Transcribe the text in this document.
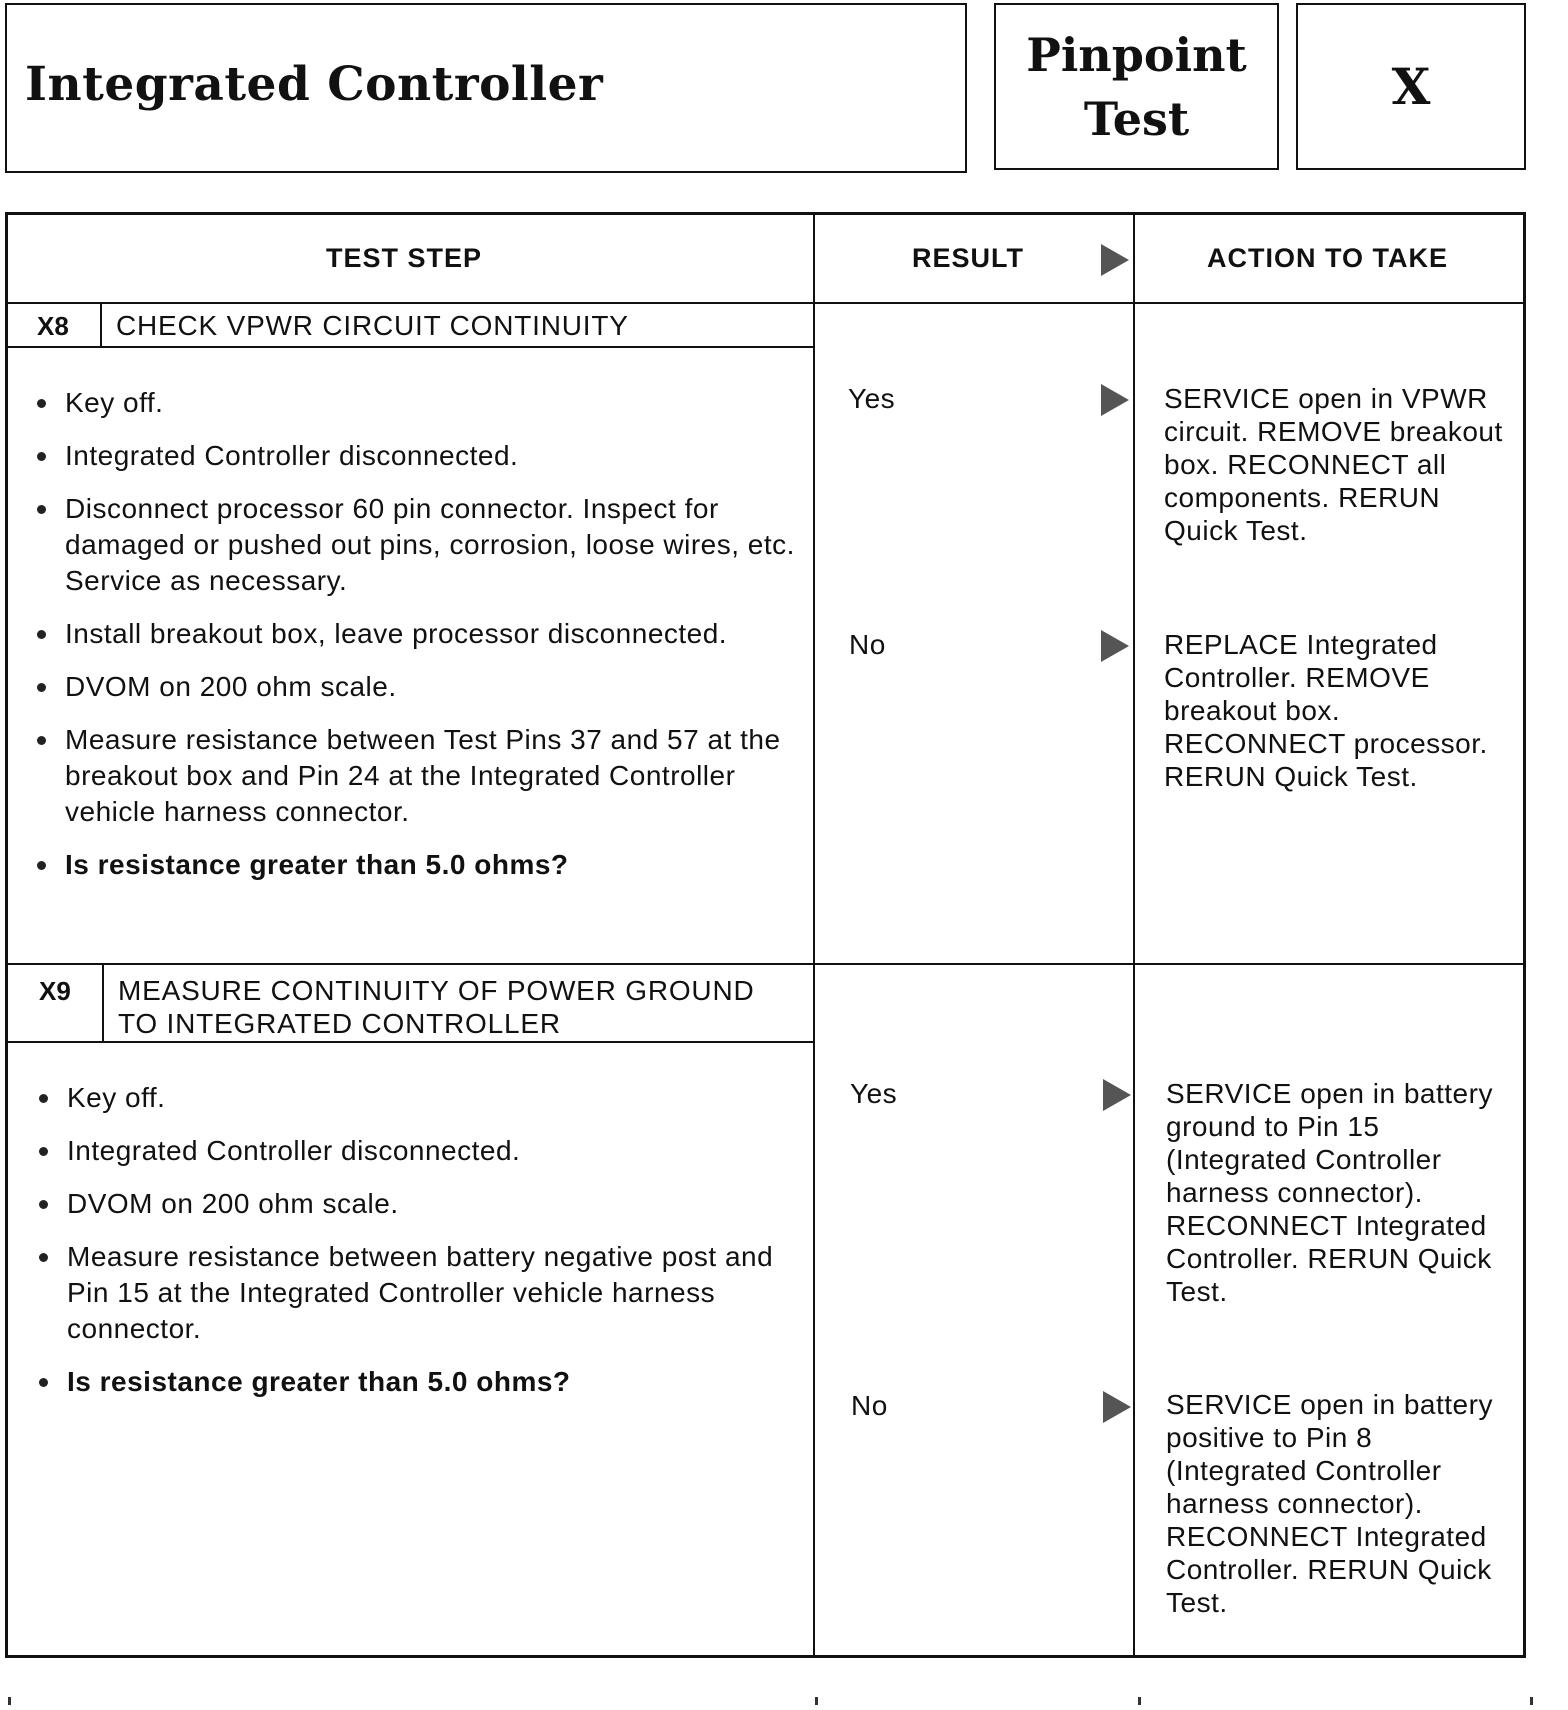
Integrated Controller
Pinpoint
Test
X
TEST STEP	RESULT	ACTION TO TAKE
X8 CHECK VPWR CIRCUIT CONTINUITY
Key off.
Integrated Controller disconnected.
Disconnect processor 60 pin connector. Inspect for damaged or pushed out pins, corrosion, loose wires, etc. Service as necessary.
Install breakout box, leave processor disconnected.
DVOM on 200 ohm scale.
Measure resistance between Test Pins 37 and 57 at the breakout box and Pin 24 at the Integrated Controller vehicle harness connector.
Is resistance greater than 5.0 ohms?
Yes	SERVICE open in VPWR circuit. REMOVE breakout box. RECONNECT all components. RERUN Quick Test.
No	REPLACE Integrated Controller. REMOVE breakout box. RECONNECT processor. RERUN Quick Test.
X9 MEASURE CONTINUITY OF POWER GROUND
TO INTEGRATED CONTROLLER
Key off.
Integrated Controller disconnected.
DVOM on 200 ohm scale.
Measure resistance between battery negative post and Pin 15 at the Integrated Controller vehicle harness connector.
Is resistance greater than 5.0 ohms?
Yes	SERVICE open in battery ground to Pin 15 (Integrated Controller harness connector). RECONNECT Integrated Controller. RERUN Quick Test.
No	SERVICE open in battery positive to Pin 8 (Integrated Controller harness connector). RECONNECT Integrated Controller. RERUN Quick Test.
